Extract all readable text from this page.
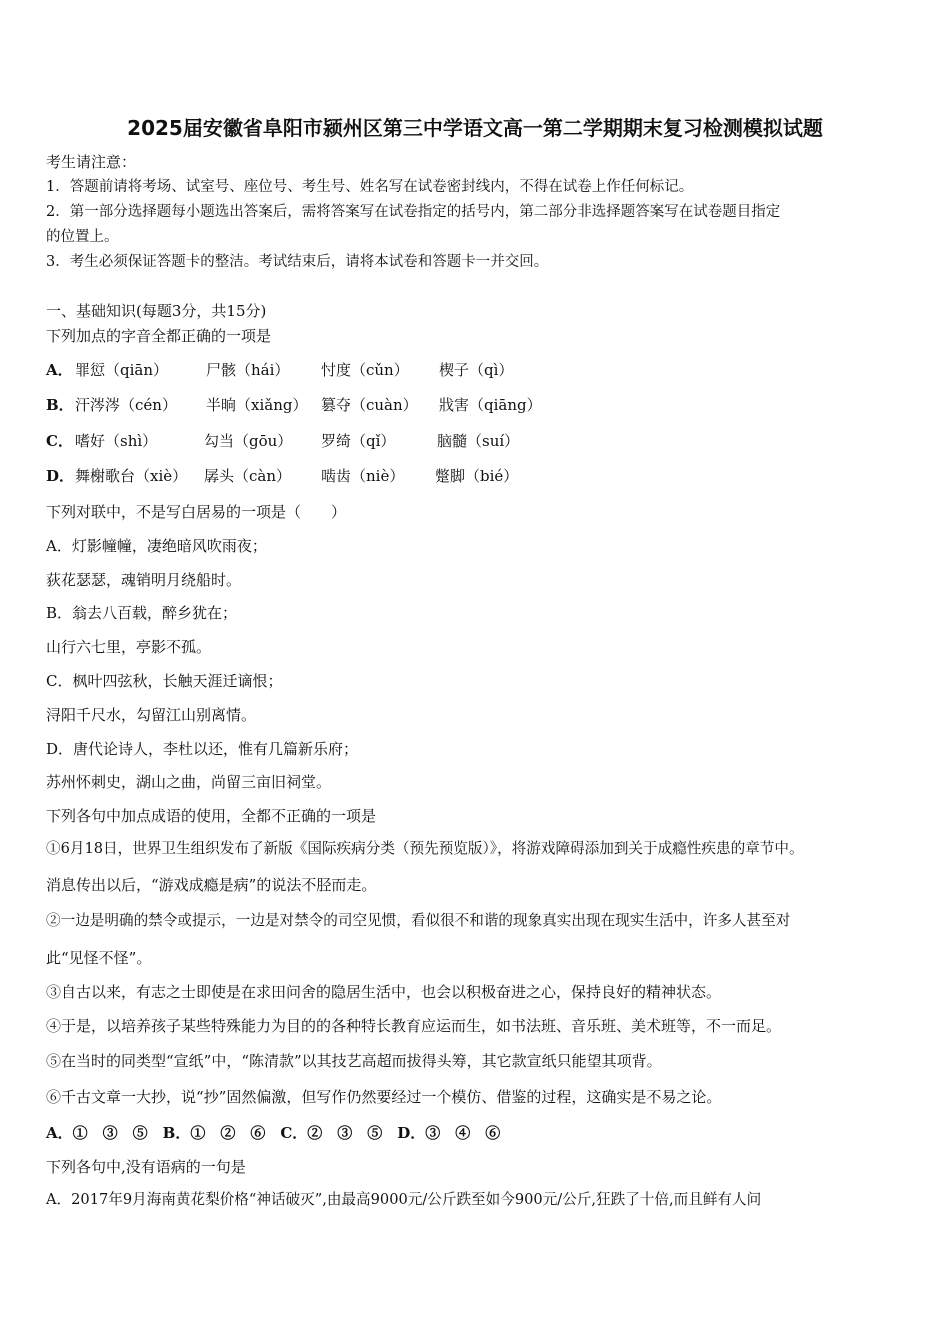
2025届安徽省阜阳市颍州区第三中学语文高一第二学期期末复习检测模拟试题
考生请注意：
1．答题前请将考场、试室号、座位号、考生号、姓名写在试卷密封线内，不得在试卷上作任何标记。
2．第一部分选择题每小题选出答案后，需将答案写在试卷指定的括号内，第二部分非选择题答案写在试卷题目指定
的位置上。
3．考生必须保证答题卡的整洁。考试结束后，请将本试卷和答题卡一并交回。
一、基础知识(每题3分，共15分)
下列加点的字音全都正确的一项是
A． 罪愆（qiān）	尸骸（hái） 忖度（cǔn） 楔子（qì）
B． 汗涔涔（cén） 半晌（xiǎng） 篡夺（cuàn） 戕害（qiāng）
C． 嗜好（shì）	勾当（gōu） 罗绮（qǐ）	脑髓（suí）
D． 舞榭歌台（xiè） 孱头（càn） 啮齿（niè） 蹩脚（bié）
下列对联中，不是写白居易的一项是（　　）
A．灯影幢幢，凄绝暗风吹雨夜；
荻花瑟瑟，魂销明月绕船时。
B．翁去八百载，醉乡犹在；
山行六七里，亭影不孤。
C．枫叶四弦秋，长触天涯迁谪恨；
浔阳千尺水，勾留江山别离情。
D．唐代论诗人，李杜以还，惟有几篇新乐府；
苏州怀刺史，湖山之曲，尚留三亩旧祠堂。
下列各句中加点成语的使用，全都不正确的一项是
①6月18日，世界卫生组织发布了新版《国际疾病分类（预先预览版）》，将游戏障碍添加到关于成瘾性疾患的章节中。
消息传出以后，“游戏成瘾是病”的说法不胫而走。
②一边是明确的禁令或提示，一边是对禁令的司空见惯，看似很不和谐的现象真实出现在现实生活中，许多人甚至对
此“见怪不怪”。
③自古以来，有志之士即使是在求田问舍的隐居生活中，也会以积极奋进之心，保持良好的精神状态。
④于是，以培养孩子某些特殊能力为目的的各种特长教育应运而生，如书法班、音乐班、美术班等，不一而足。
⑤在当时的同类型“宣纸”中，“陈清款”以其技艺高超而拔得头筹，其它款宣纸只能望其项背。
⑥千古文章一大抄，说“抄”固然偏激，但写作仍然要经过一个模仿、借鉴的过程，这确实是不易之论。
A．①　③　⑤　B．①　②　⑥　C．②　③　⑤　D．③　④　⑥
下列各句中,没有语病的一句是
A．2017年9月海南黄花梨价格“神话破灭”,由最高9000元/公斤跌至如今900元/公斤,狂跌了十倍,而且鲜有人问
